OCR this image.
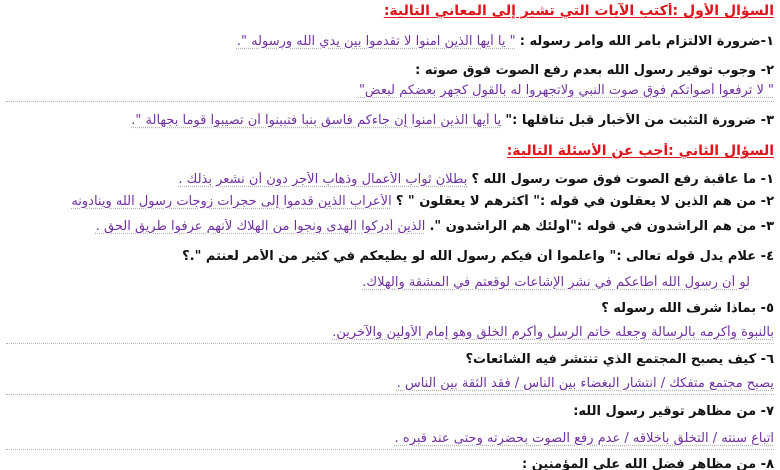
السؤال الأول :أكتب الآيات التي تشير إلى المعاني التالية:
١-ضرورة الالتزام بأمر الله وأمر رسوله : " يا أيها الذين آمنوا لا تقدموا بين يدي الله ورسوله ".
٢- وجوب توقير رسول الله بعدم رفع الصوت فوق صوته :
" لا ترفعوا أصواتكم فوق صوت النبي ولاتجهروا له بالقول كجهر بعضكم لبعض"
٣- ضرورة التثبت من الأخبار قبل تناقلها :" يا أيها الذين آمنوا إن جاءكم فاسق بنبأ فتبينوا أن تصيبوا قوماً بجهالة ".
السؤال الثاني :أجب عن الأسئلة التالية:
١- ما عاقبة رفع الصوت فوق صوت رسول الله ؟ بطلان ثواب الأعمال وذهاب الأجر دون أن نشعر بذلك .
٢- من هم الذين لا يعقلون في قوله :" أكثرهم لا يعقلون " ؟ الأعراب الذين قدموا إلى حجرات زوجات رسول الله وينادونه
٣- من هم الراشدون في قوله :"أولئك هم الراشدون ". الذين أدركوا الهدى ونجوا من الهلاك لأنهم عرفوا طريق الحق .
٤- علام يدل قوله تعالى :" واعلموا أن فيكم رسول الله لو يطيعكم في كثير من الأمر لعنتم ".؟
لو أن رسول الله أطاعكم في نشر الإشاعات لوقعتم في المشقة والهلاك.
٥- بماذا شرف الله رسوله ؟
بالنبوة وأكرمه بالرسالة وجعله خاتم الرسل وأكرم الخلق وهو إمام الأولين والآخرين.
٦- كيف يصبح المجتمع الذي تنتشر فيه الشائعات؟
يصبح مجتمع متفكك / انتشار البغضاء بين الناس / فقد الثقة بين الناس .
٧- من مظاهر توقير رسول الله:
اتباع سنته / التخلق بأخلاقه / عدم رفع الصوت بحضرته وحتى عند قبره .
٨- من مظاهر فضل الله على المؤمنين :
